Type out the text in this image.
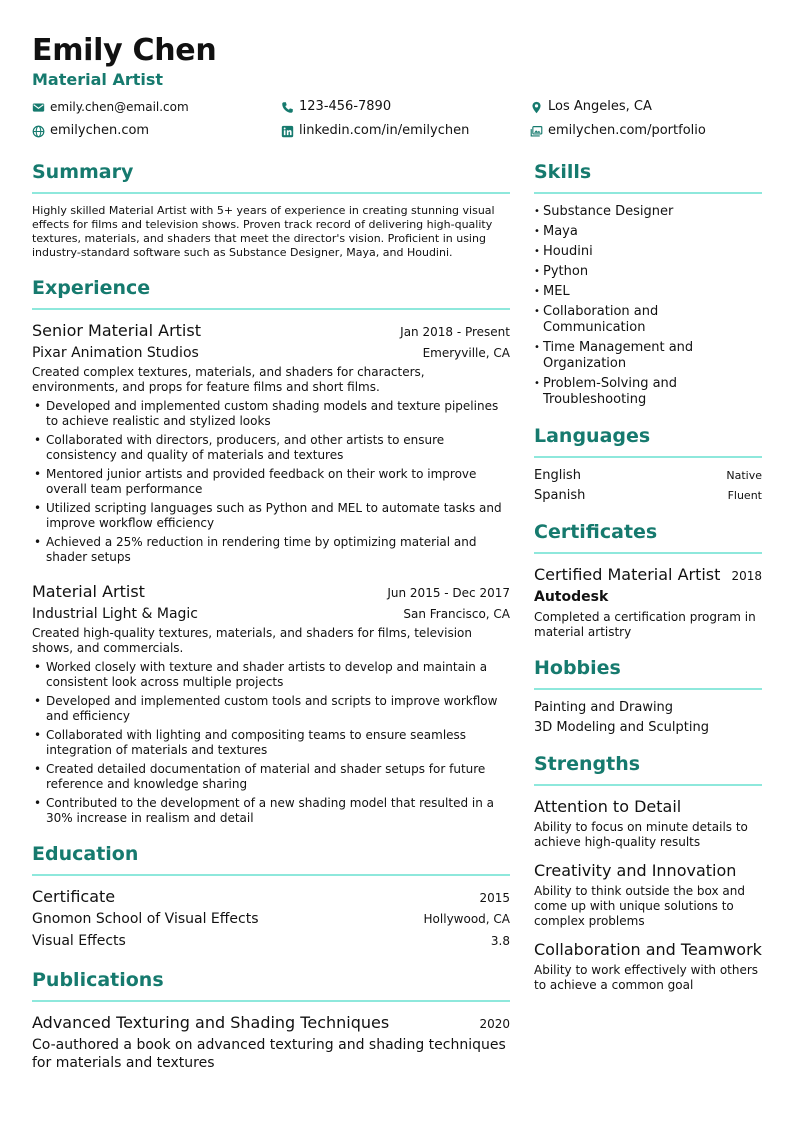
Emily Chen
Material Artist
emily.chen@email.com	123-456-7890	Los Angeles, CA
emilychen.com	linkedin.com/in/emilychen	emilychen.com/portfolio
Summary

Highly skilled Material Artist with 5+ years of experience in creating stunning visual effects for films and television shows. Proven track record of delivering high-quality textures, materials, and shaders that meet the director's vision. Proficient in using industry-standard software such as Substance Designer, Maya, and Houdini.

Experience
Senior Material Artist	Jan 2018 - Present
Pixar Animation Studios	Emeryville, CA

Created complex textures, materials, and shaders for characters, environments, and props for feature films and short films.

• Developed and implemented custom shading models and texture pipelines to achieve realistic and stylized looks
• Collaborated with directors, producers, and other artists to ensure consistency and quality of materials and textures
• Mentored junior artists and provided feedback on their work to improve overall team performance
• Utilized scripting languages such as Python and MEL to automate tasks and improve workflow efficiency
• Achieved a 25% reduction in rendering time by optimizing material and shader setups
Material Artist	Jun 2015 - Dec 2017
Industrial Light & Magic	San Francisco, CA

Created high-quality textures, materials, and shaders for films, television shows, and commercials.

• Worked closely with texture and shader artists to develop and maintain a consistent look across multiple projects
• Developed and implemented custom tools and scripts to improve workflow and efficiency
• Collaborated with lighting and compositing teams to ensure seamless integration of materials and textures
• Created detailed documentation of material and shader setups for future reference and knowledge sharing
• Contributed to the development of a new shading model that resulted in a 30% increase in realism and detail
Education
Certificate	2015
Gnomon School of Visual Effects	Hollywood, CA
Visual Effects	3.8
Publications
Advanced Texturing and Shading Techniques	2020

Co-authored a book on advanced texturing and shading techniques for materials and textures

Skills
• Substance Designer
• Maya
• Houdini
• Python
• MEL
• Collaboration and Communication
• Time Management and Organization
• Problem-Solving and Troubleshooting
Languages
English	Native
Spanish	Fluent
Certificates
Certified Material Artist 2018
Autodesk

Completed a certification program in material artistry

Hobbies
Painting and Drawing
3D Modeling and Sculpting
Strengths
Attention to Detail

Ability to focus on minute details to achieve high-quality results

Creativity and Innovation

Ability to think outside the box and come up with unique solutions to complex problems

Collaboration and Teamwork

Ability to work effectively with others to achieve a common goal
